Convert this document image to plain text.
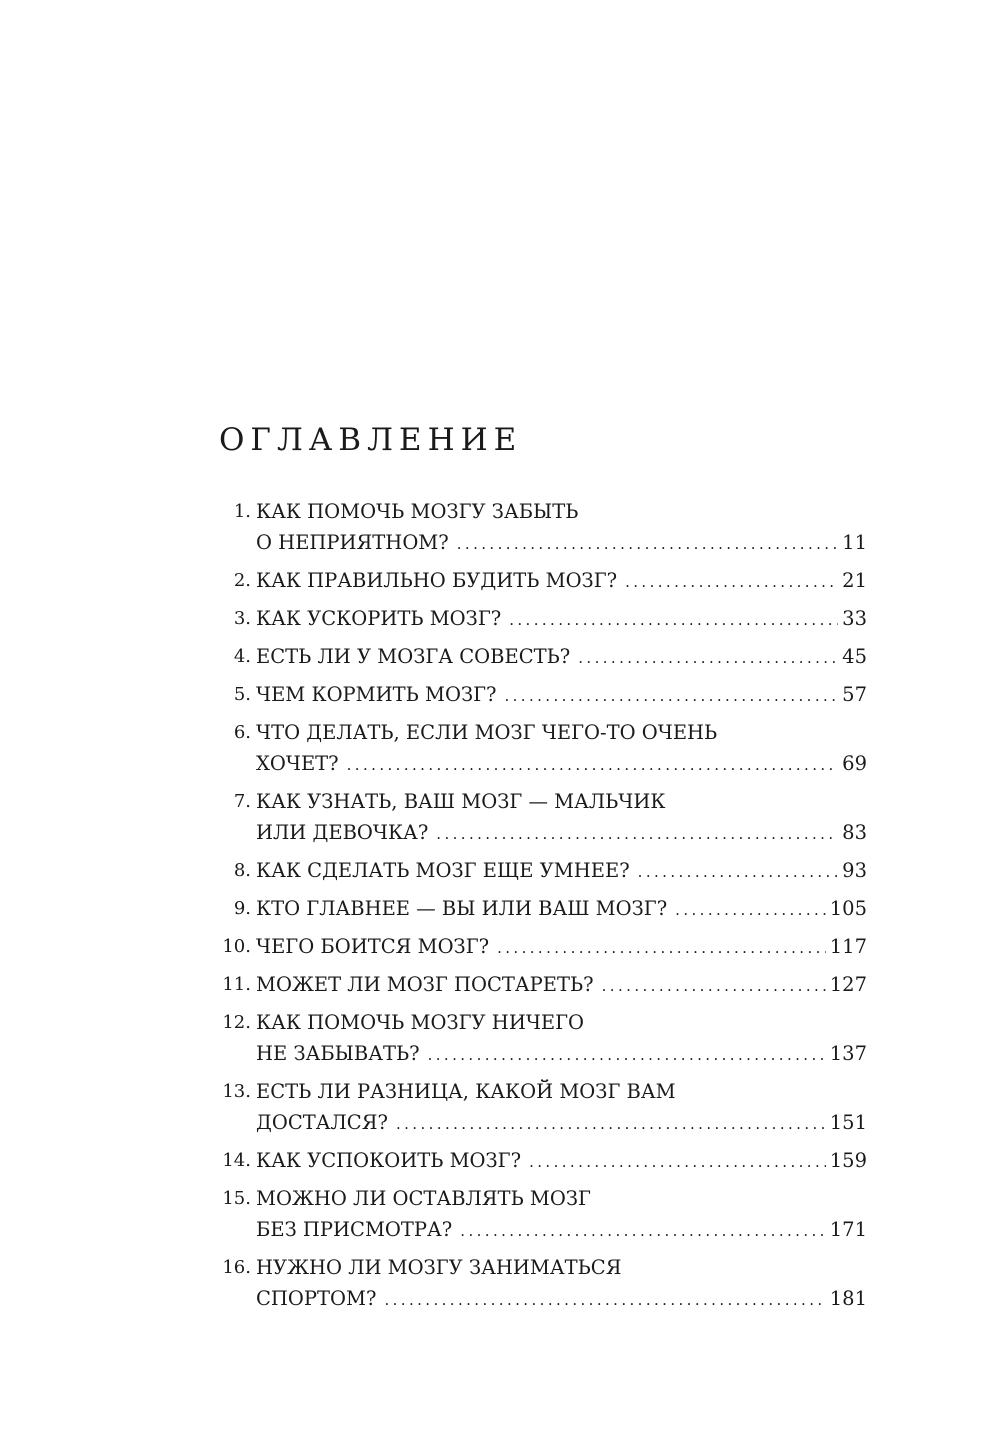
ОГЛАВЛЕНИЕ
1. КАК ПОМОЧЬ МОЗГУ ЗАБЫТЬ
О НЕПРИЯТНОМ? .....	11
2. КАК ПРАВИЛЬНО БУДИТЬ МОЗГ? .....	21
3. КАК УСКОРИТЬ МОЗГ? .....	33
4. ЕСТЬ ЛИ У МОЗГА СОВЕСТЬ? .....	45
5. ЧЕМ КОРМИТЬ МОЗГ? .....	57
6. ЧТО ДЕЛАТЬ, ЕСЛИ МОЗГ ЧЕГО-ТО ОЧЕНЬ
ХОЧЕТ? .....	69
7. КАК УЗНАТЬ, ВАШ МОЗГ — МАЛЬЧИК
ИЛИ ДЕВОЧКА? .....	83
8. КАК СДЕЛАТЬ МОЗГ ЕЩЕ УМНЕЕ? .....	93
9. КТО ГЛАВНЕЕ — ВЫ ИЛИ ВАШ МОЗГ? .....	105
10. ЧЕГО БОИТСЯ МОЗГ? .....	117
11. МОЖЕТ ЛИ МОЗГ ПОСТАРЕТЬ? .....	127
12. КАК ПОМОЧЬ МОЗГУ НИЧЕГО
НЕ ЗАБЫВАТЬ? .....	137
13. ЕСТЬ ЛИ РАЗНИЦА, КАКОЙ МОЗГ ВАМ
ДОСТАЛСЯ? .....	151
14. КАК УСПОКОИТЬ МОЗГ? .....	159
15. МОЖНО ЛИ ОСТАВЛЯТЬ МОЗГ
БЕЗ ПРИСМОТРА? .....	171
16. НУЖНО ЛИ МОЗГУ ЗАНИМАТЬСЯ
СПОРТОМ? .....	181
